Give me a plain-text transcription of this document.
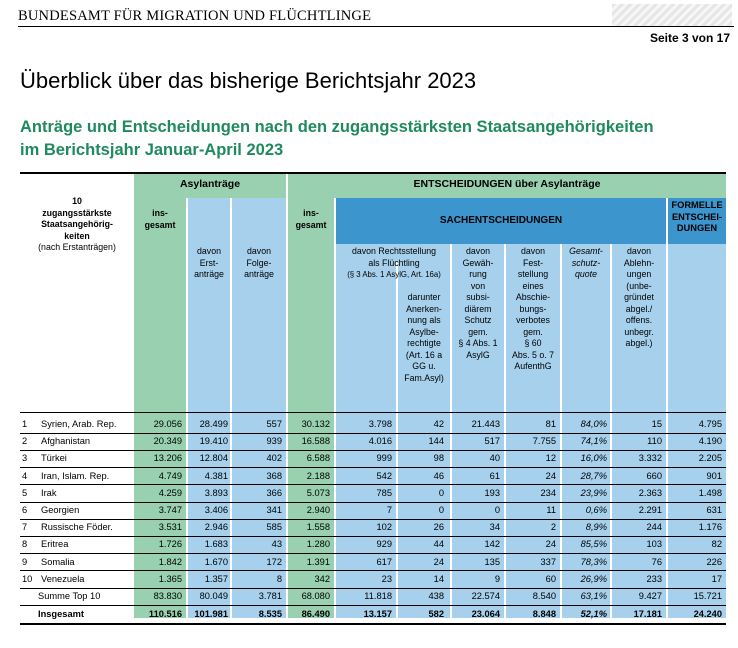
BUNDESAMT FÜR MIGRATION UND FLÜCHTLINGE
Seite 3 von 17
Überblick über das bisherige Berichtsjahr 2023
Anträge und Entscheidungen nach den zugangsstärksten Staatsangehörigkeiten
im Berichtsjahr Januar-April 2023
10
zugangsstärkste
Staatsangehörig-
keiten
(nach Erstanträgen)
Asylanträge	ENTSCHEIDUNGEN über Asylanträge
SACHENTSCHEIDUNGEN
FORMELLE
ENTSCHEI-
DUNGEN
ins-
gesamt
davon
Erst-
anträge
davon
Folge-
anträge
ins-
gesamt
davon Rechtsstellung
als Flüchtling
(§ 3 Abs. 1 AsylG, Art. 16a)
darunter
Anerken-
nung als
Asylbe-
rechtigte
(Art. 16 a
GG u.
Fam.Asyl)
davon
Gewäh-
rung
von
subsi-
diärem
Schutz
gem.
§ 4 Abs. 1
AsylG
davon
Fest-
stellung
eines
Abschie-
bungs-
verbotes
gem.
§ 60
Abs. 5 o. 7
AufenthG
Gesamt-
schutz-
quote
davon
Ablehn-
ungen
(unbe-
gründet
abgel./
offens.
unbegr.
abgel.)
1	Syrien, Arab. Rep.	29.056	28.499	557	30.132	3.798	42	21.443	81	84,0%	15	4.795
2	Afghanistan	20.349	19.410	939	16.588	4.016	144	517	7.755	74,1%	110	4.190
3	Türkei	13.206	12.804	402	6.588	999	98	40	12	16,0%	3.332	2.205
4	Iran, Islam. Rep.	4.749	4.381	368	2.188	542	46	61	24	28,7%	660	901
5	Irak	4.259	3.893	366	5.073	785	0	193	234	23,9%	2.363	1.498
6	Georgien	3.747	3.406	341	2.940	7	0	0	11	0,6%	2.291	631
7	Russische Föder.	3.531	2.946	585	1.558	102	26	34	2	8,9%	244	1.176
8	Eritrea	1.726	1.683	43	1.280	929	44	142	24	85,5%	103	82
9	Somalia	1.842	1.670	172	1.391	617	24	135	337	78,3%	76	226
10 Venezuela	1.365	1.357	8	342	23	14	9	60	26,9%	233	17
Summe Top 10	83.830	80.049	3.781	68.080	11.818	438	22.574	8.540	63,1%	9.427	15.721
Insgesamt	110.516	101.981	8.535	86.490	13.157	582	23.064	8.848	52,1%	17.181	24.240
